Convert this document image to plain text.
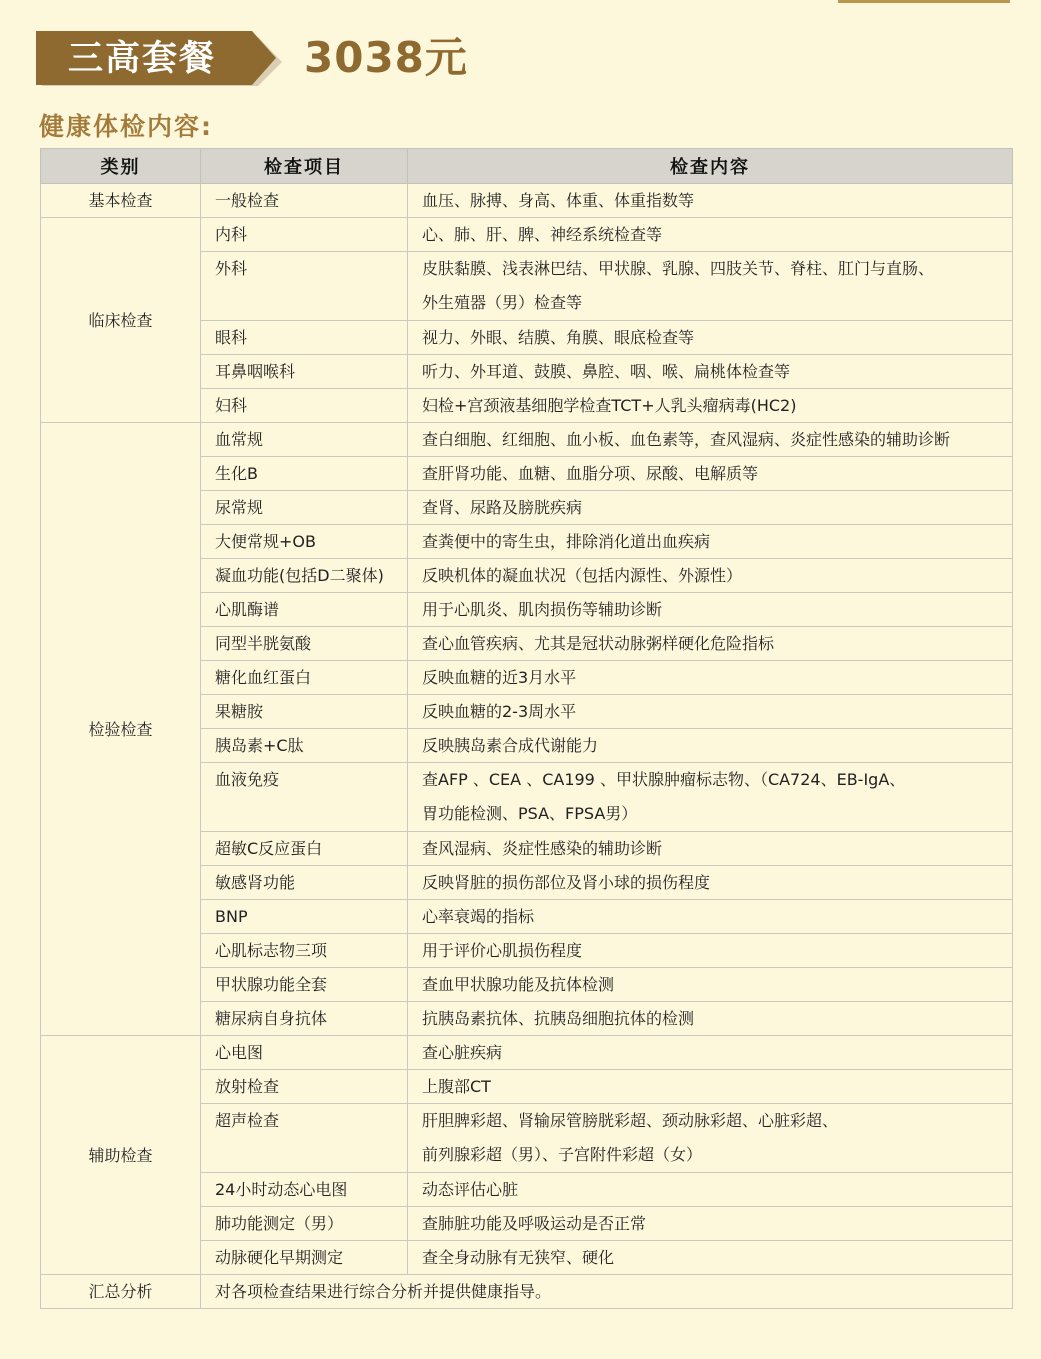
三高套餐 3038元
健康体检内容:
类别	检查项目	检查内容
基本检查	一般检查	血压、脉搏、身高、体重、体重指数等
临床检查	内科	心、肺、肝、脾、神经系统检查等
	外科	皮肤黏膜、浅表淋巴结、甲状腺、乳腺、四肢关节、脊柱、肛门与直肠、
外生殖器（男）检查等

	眼科	视力、外眼、结膜、角膜、眼底检查等
	耳鼻咽喉科	听力、外耳道、鼓膜、鼻腔、咽、喉、扁桃体检查等
	妇科	妇检+宫颈液基细胞学检查TCT+人乳头瘤病毒(HC2)
检验检查	血常规	查白细胞、红细胞、血小板、血色素等，查风湿病、炎症性感染的辅助诊断
	生化B	查肝肾功能、血糖、血脂分项、尿酸、电解质等
	尿常规	查肾、尿路及膀胱疾病
	大便常规+OB	查粪便中的寄生虫，排除消化道出血疾病
	凝血功能(包括D二聚体)	反映机体的凝血状况（包括内源性、外源性）
	心肌酶谱	用于心肌炎、肌肉损伤等辅助诊断
	同型半胱氨酸	查心血管疾病、尤其是冠状动脉粥样硬化危险指标
	糖化血红蛋白	反映血糖的近3月水平
	果糖胺	反映血糖的2-3周水平
	胰岛素+C肽	反映胰岛素合成代谢能力
	血液免疫	查AFP 、CEA 、CA199 、甲状腺肿瘤标志物、（CA724、EB-IgA、
胃功能检测、PSA、FPSA男）

	超敏C反应蛋白	查风湿病、炎症性感染的辅助诊断
	敏感肾功能	反映肾脏的损伤部位及肾小球的损伤程度
	BNP	心率衰竭的指标
	心肌标志物三项	用于评价心肌损伤程度
	甲状腺功能全套	查血甲状腺功能及抗体检测
	糖尿病自身抗体	抗胰岛素抗体、抗胰岛细胞抗体的检测
辅助检查	心电图	查心脏疾病
	放射检查	上腹部CT
	超声检查	肝胆脾彩超、肾输尿管膀胱彩超、颈动脉彩超、心脏彩超、
前列腺彩超（男）、子宫附件彩超（女）

	24小时动态心电图	动态评估心脏
	肺功能测定（男）	查肺脏功能及呼吸运动是否正常
	动脉硬化早期测定	查全身动脉有无狭窄、硬化
汇总分析	对各项检查结果进行综合分析并提供健康指导。	
